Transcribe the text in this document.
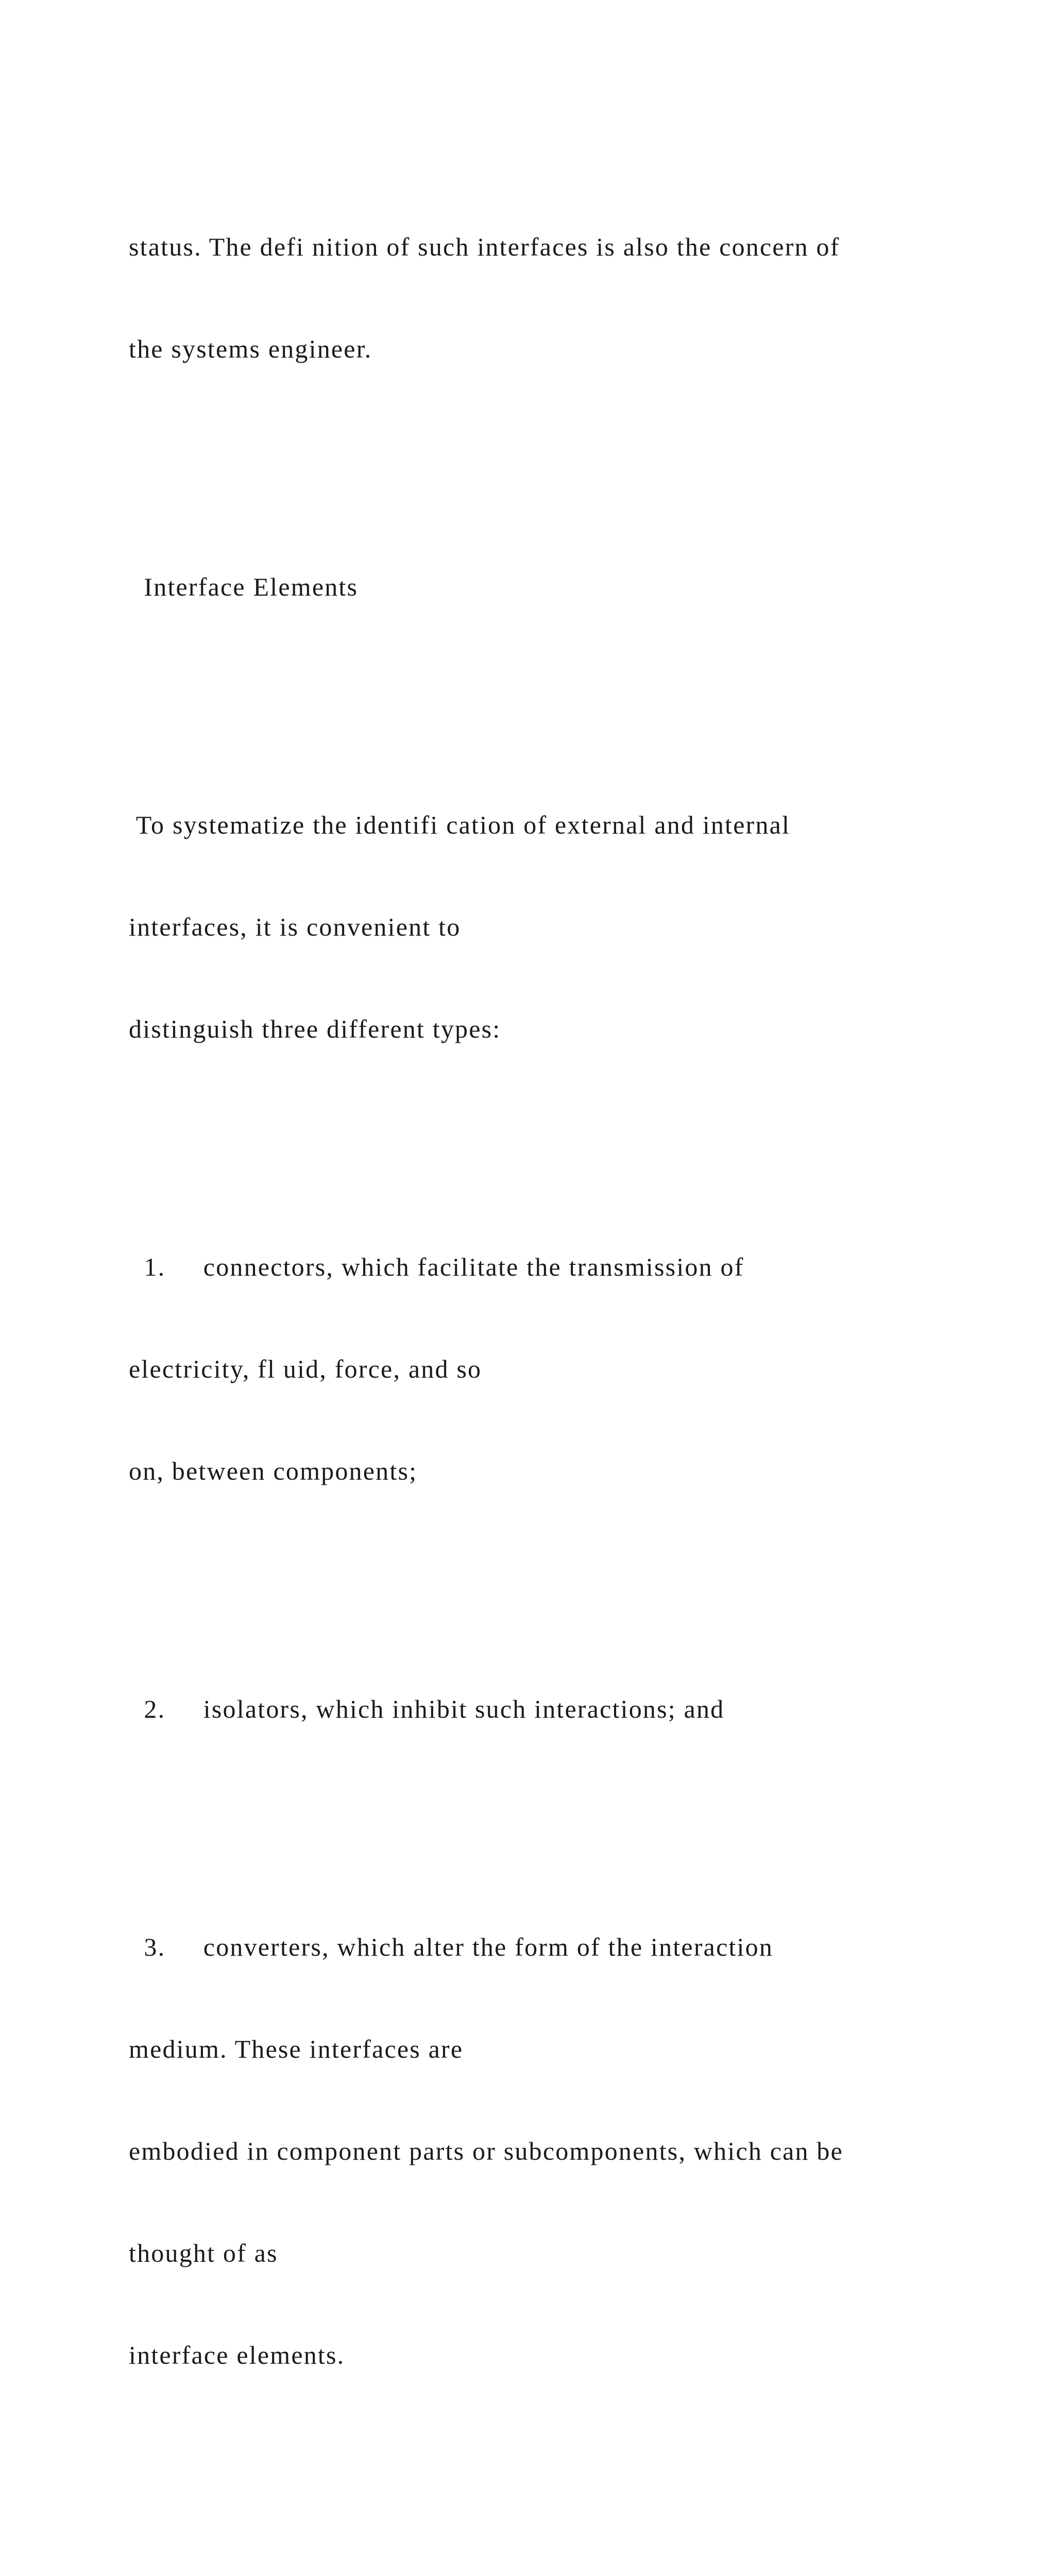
status. The defi nition of such interfaces is also the concern of

the systems engineer.

Interface Elements

To systematize the identifi cation of external and internal

interfaces, it is convenient to

distinguish three different types:

1.     connectors, which facilitate the transmission of

electricity, fl uid, force, and so

on, between components;

2.     isolators, which inhibit such interactions; and

3.     converters, which alter the form of the interaction

medium. These interfaces are

embodied in component parts or subcomponents, which can be

thought of as

interface elements.
